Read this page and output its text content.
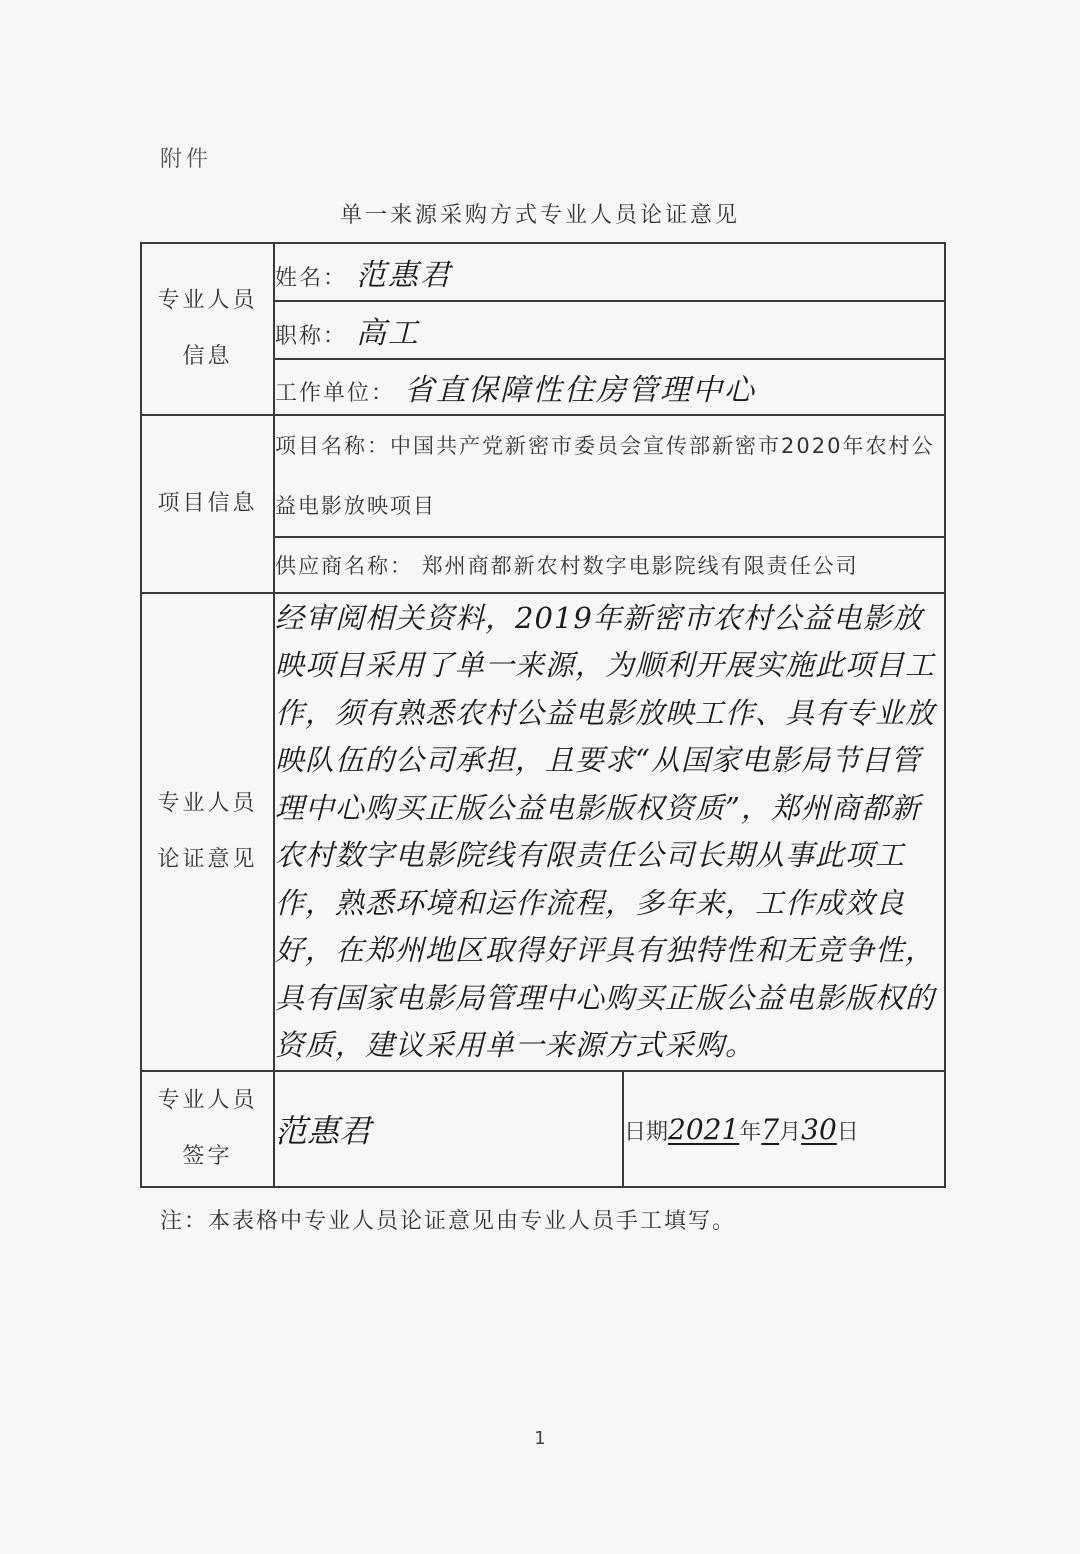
附件
单一来源采购方式专业人员论证意见
专业人员
信息	姓名： 范惠君	
	职称： 高工	
	工作单位： 省直保障性住房管理中心	

项目信息	项目名称：中国共产党新密市委员会宣传部新密市2020年农村公益电影放映项目	
	供应商名称： 郑州商都新农村数字电影院线有限责任公司	

专业人员
论证意见	经审阅相关资料，2019年新密市农村公益电影放映项目采用了单一来源，为顺利开展实施此项目工作，须有熟悉农村公益电影放映工作、具有专业放映队伍的公司承担，且要求“从国家电影局节目管理中心购买正版公益电影版权资质”，郑州商都新农村数字电影院线有限责任公司长期从事此项工作，熟悉环境和运作流程，多年来，工作成效良好，在郑州地区取得好评具有独特性和无竞争性，具有国家电影局管理中心购买正版公益电影版权的资质，建议采用单一来源方式采购。	

专业人员
签字	范惠君	日期2021年7月30日
注：本表格中专业人员论证意见由专业人员手工填写。
1
